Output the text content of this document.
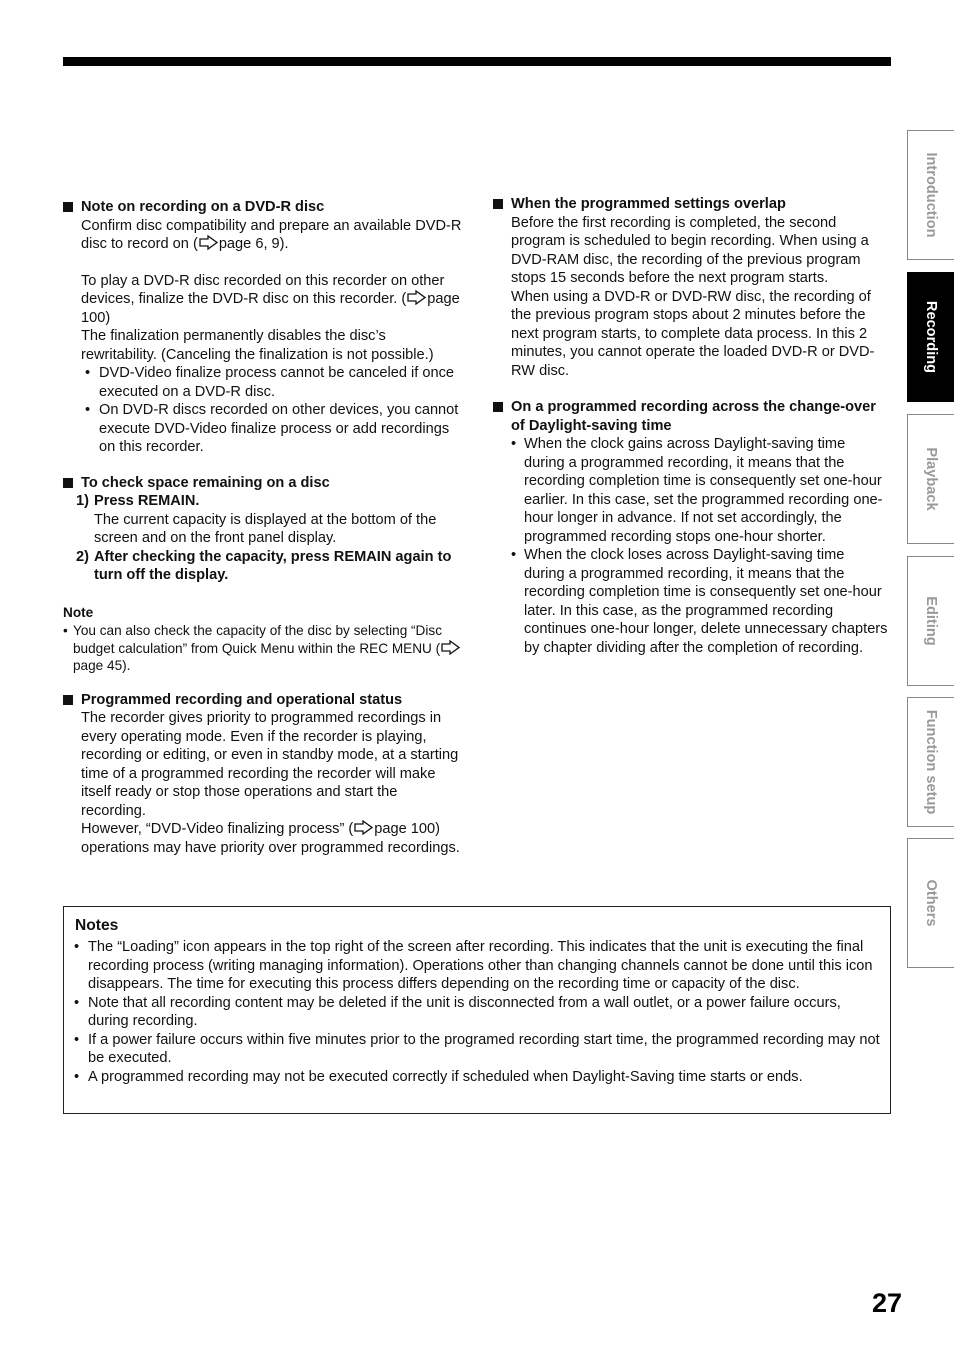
Note on recording on a DVD-R disc
Confirm disc compatibility and prepare an available DVD-R disc to record on ( page 6, 9).
To play a DVD-R disc recorded on this recorder on other devices, finalize the DVD-R disc on this recorder. ( page 100)
The finalization permanently disables the disc’s rewritability. (Canceling the finalization is not possible.)
• DVD-Video finalize process cannot be canceled if once executed on a DVD-R disc.
• On DVD-R discs recorded on other devices, you cannot execute DVD-Video finalize process or add recordings on this recorder.
To check space remaining on a disc
1) Press REMAIN.
The current capacity is displayed at the bottom of the screen and on the front panel display.
2) After checking the capacity, press REMAIN again to turn off the display.
Note
• You can also check the capacity of the disc by selecting “Disc budget calculation” from Quick Menu within the REC MENU (page 45).
Programmed recording and operational status
The recorder gives priority to programmed recordings in every operating mode. Even if the recorder is playing, recording or editing, or even in standby mode, at a starting time of a programmed recording the recorder will make itself ready or stop those operations and start the recording.
However, “DVD-Video finalizing process” ( page 100) operations may have priority over programmed recordings.
When the programmed settings overlap
Before the first recording is completed, the second program is scheduled to begin recording. When using a DVD-RAM disc, the recording of the previous program stops 15 seconds before the next program starts.
When using a DVD-R or DVD-RW disc, the recording of the previous program stops about 2 minutes before the next program starts, to complete data process. In this 2 minutes, you cannot operate the loaded DVD-R or DVD-RW disc.
On a programmed recording across the change-over of Daylight-saving time
• When the clock gains across Daylight-saving time during a programmed recording, it means that the recording completion time is consequently set one-hour earlier. In this case, set the programmed recording one-hour longer in advance. If not set accordingly, the programmed recording stops one-hour shorter.
• When the clock loses across Daylight-saving time during a programmed recording, it means that the recording completion time is consequently set one-hour later. In this case, as the programmed recording continues one-hour longer, delete unnecessary chapters by chapter dividing after the completion of recording.
Notes
• The “Loading” icon appears in the top right of the screen after recording. This indicates that the unit is executing the final recording process (writing managing information). Operations other than changing channels cannot be done until this icon disappears. The time for executing this process differs depending on the recording time or capacity of the disc.
• Note that all recording content may be deleted if the unit is disconnected from a wall outlet, or a power failure occurs, during recording.
• If a power failure occurs within five minutes prior to the programed recording start time, the programmed recording may not be executed.
• A programmed recording may not be executed correctly if scheduled when Daylight-Saving time starts or ends.
Introduction
Recording
Playback
Editing
Function setup
Others
27
